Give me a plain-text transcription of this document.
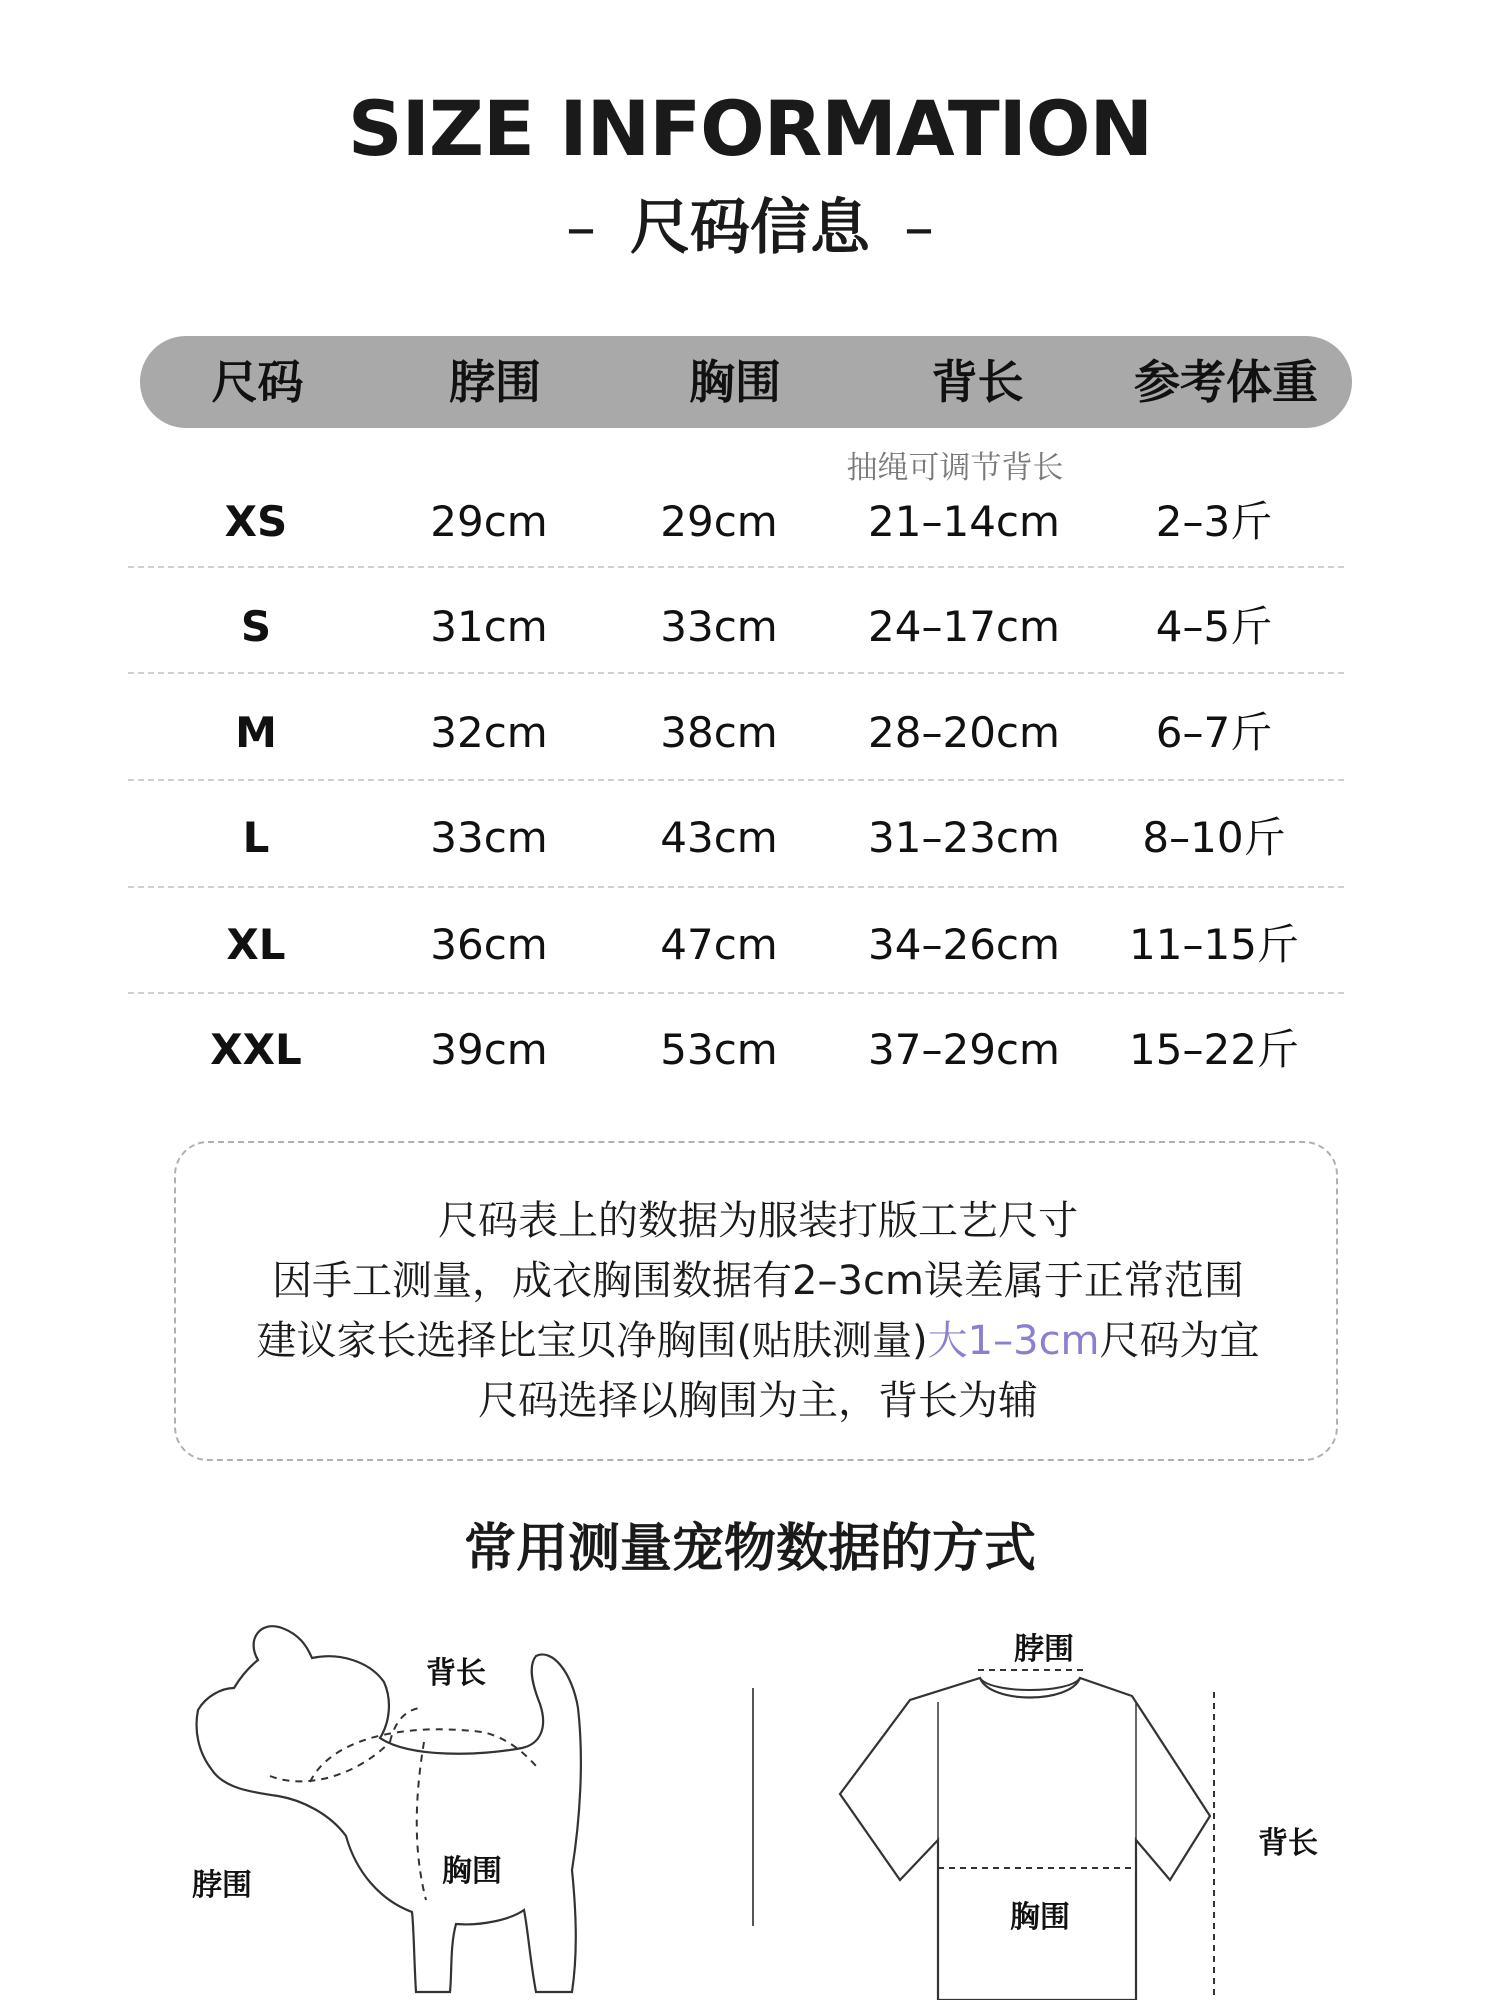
SIZE INFORMATION
– 尺码信息 –
尺码	脖围	胸围	背长	参考体重
抽绳可调节背长
XS	29cm	29cm	21–14cm	2–3斤
S	31cm	33cm	24–17cm	4–5斤
M	32cm	38cm	28–20cm	6–7斤
L	33cm	43cm	31–23cm	8–10斤
XL	36cm	47cm	34–26cm	11–15斤
XXL	39cm	53cm	37–29cm	15–22斤
尺码表上的数据为服装打版工艺尺寸
因手工测量，成衣胸围数据有2–3cm误差属于正常范围
建议家长选择比宝贝净胸围(贴肤测量)大1–3cm尺码为宜
尺码选择以胸围为主，背长为辅
常用测量宠物数据的方式
背长
脖围	胸围
脖围
背长
胸围
